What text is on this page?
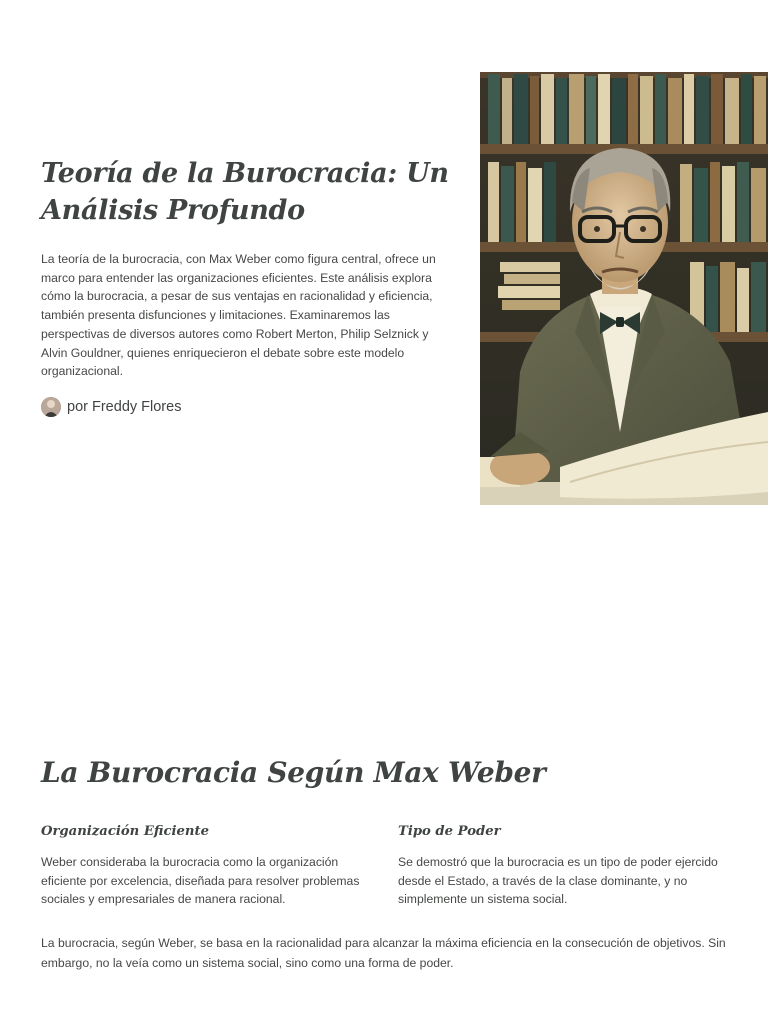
Teoría de la Burocracia: Un Análisis Profundo

La teoría de la burocracia, con Max Weber como figura central, ofrece un marco para entender las organizaciones eficientes. Este análisis explora cómo la burocracia, a pesar de sus ventajas en racionalidad y eficiencia, también presenta disfunciones y limitaciones. Examinaremos las perspectivas de diversos autores como Robert Merton, Philip Selznick y Alvin Gouldner, quienes enriquecieron el debate sobre este modelo organizacional.

por Freddy Flores
La Burocracia Según Max Weber
Organización Eficiente

Weber consideraba la burocracia como la organización eficiente por excelencia, diseñada para resolver problemas sociales y empresariales de manera racional.

Tipo de Poder

Se demostró que la burocracia es un tipo de poder ejercido desde el Estado, a través de la clase dominante, y no simplemente un sistema social.

La burocracia, según Weber, se basa en la racionalidad para alcanzar la máxima eficiencia en la consecución de objetivos. Sin embargo, no la veía como un sistema social, sino como una forma de poder.
